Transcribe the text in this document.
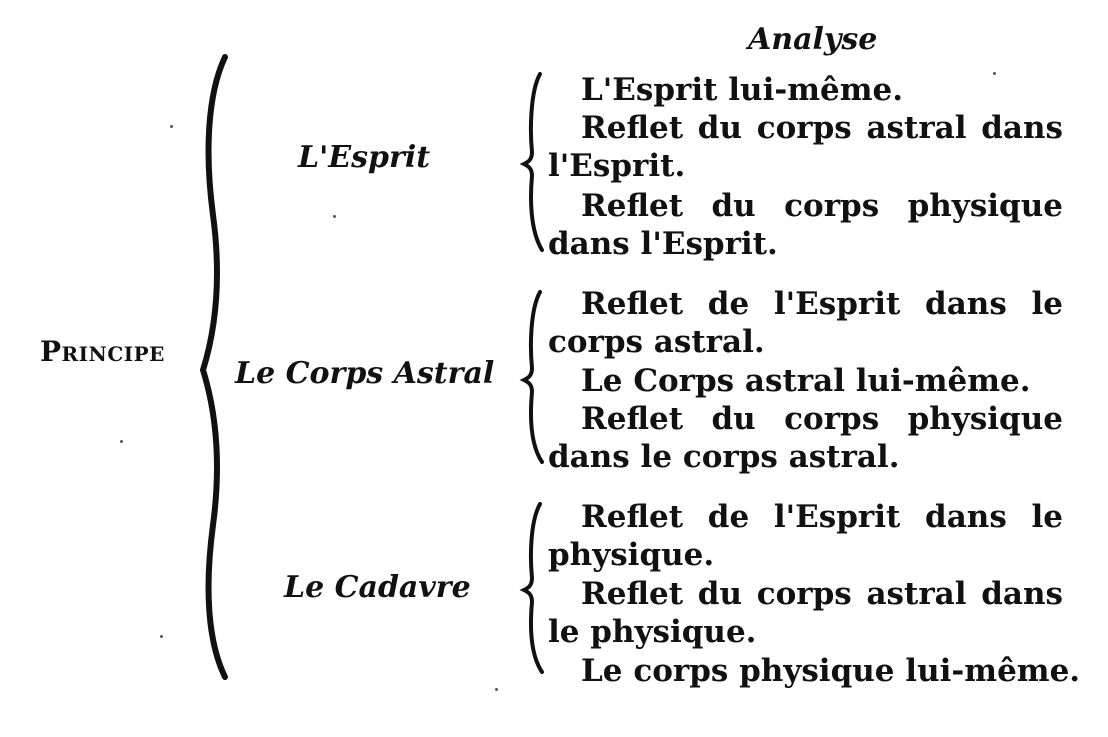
Analyse
Principe
L'Esprit
L'Esprit lui-même.
Reflet du corps astral dans
l'Esprit.
Reflet du corps physique
dans l'Esprit.
Le Corps Astral
Reflet de l'Esprit dans le
corps astral.
Le Corps astral lui-même.
Reflet du corps physique
dans le corps astral.
Le Cadavre
Reflet de l'Esprit dans le
physique.
Reflet du corps astral dans
le physique.
Le corps physique lui-même.
